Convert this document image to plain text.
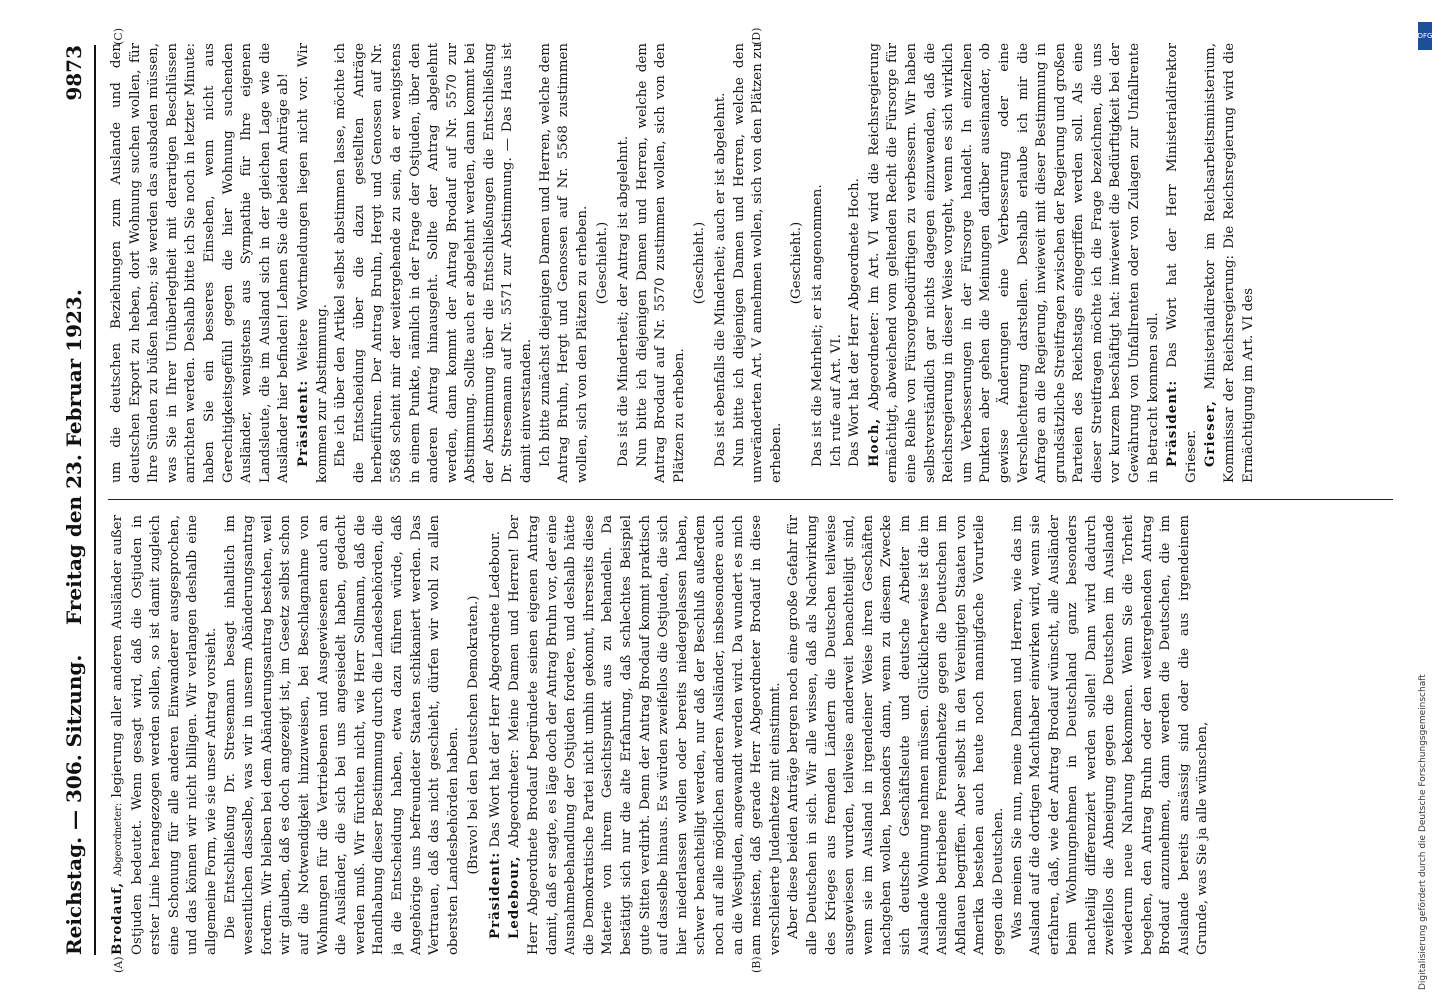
Reichstag. — 306. Sitzung.
Freitag den 23. Februar 1923.
9873
(A)	(B)
(C)	(D)

Brodauf, Abgeordneter: legierung aller anderen Ausländer außer Ostjuden bedeutet. Wenn gesagt wird, daß die Ostjuden in erster Linie herangezogen werden sollen, so ist damit zugleich eine Schonung für alle anderen Einwanderer ausgesprochen, und das können wir nicht billigen. Wir verlangen deshalb eine allgemeine Form, wie sie unser Antrag vorsieht. Die Entschließung Dr. Stresemann besagt inhaltlich im wesentlichen dasselbe, was wir in unserm Abänderungsantrag fordern. Wir bleiben bei dem Abänderungsantrag bestehen, weil wir glauben, daß es doch angezeigt ist, im Gesetz selbst schon auf die Notwendigkeit hinzuweisen, bei Beschlagnahme von Wohnungen für die Vertriebenen und Ausgewiesenen auch an die Ausländer, die sich bei uns angesiedelt haben, gedacht werden muß. Wir fürchten nicht, wie Herr Sollmann, daß die Handhabung dieser Bestimmung durch die Landesbehörden, die ja die Entscheidung haben, etwa dazu führen würde, daß Angehörige uns befreundeter Staaten schikaniert werden. Das Vertrauen, daß das nicht geschieht, dürfen wir wohl zu allen obersten Landesbehörden haben. (Bravo! bei den Deutschen Demokraten.)

Präsident: Das Wort hat der Herr Abgeordnete Ledebour.

Ledebour, Abgeordneter: Meine Damen und Herren! Der Herr Abgeordnete Brodauf begründete seinen eigenen Antrag damit, daß er sagte, es läge doch der Antrag Bruhn vor, der eine Ausnahmebehandlung der Ostjuden fordere, und deshalb hätte die Demokratische Partei nicht umhin gekonnt, ihrerseits diese Materie von ihrem Gesichtspunkt aus zu behandeln. Da bestätigt sich nur die alte Erfahrung, daß schlechtes Beispiel gute Sitten verdirbt. Denn der Antrag Brodauf kommt praktisch auf dasselbe hinaus. Es würden zweifellos die Ostjuden, die sich hier niederlassen wollen oder bereits niedergelassen haben, schwer benachteiligt werden, nur daß der Beschluß außerdem noch auf alle möglichen anderen Ausländer, insbesondere auch an die Westjuden, angewandt werden wird. Da wundert es mich am meisten, daß gerade Herr Abgeordneter Brodauf in diese verschleierte Judenhetze mit einstimmt. Aber diese beiden Anträge bergen noch eine große Gefahr für alle Deutschen in sich. Wir alle wissen, daß als Nachwirkung des Krieges aus fremden Ländern die Deutschen teilweise ausgewiesen wurden, teilweise anderweit benachteiligt sind, wenn sie im Ausland in irgendeiner Weise ihren Geschäften nachgehen wollen, besonders dann, wenn zu diesem Zwecke sich deutsche Geschäftsleute und deutsche Arbeiter im Auslande Wohnung nehmen müssen. Glücklicherweise ist die im Auslande betriebene Fremdenhetze gegen die Deutschen im Abflauen begriffen. Aber selbst in den Vereinigten Staaten von Amerika bestehen auch heute noch mannigfache Vorurteile gegen die Deutschen. Was meinen Sie nun, meine Damen und Herren, wie das im Ausland auf die dortigen Machthaber einwirken wird, wenn sie erfahren, daß, wie der Antrag Brodauf wünscht, alle Ausländer beim Wohnungnehmen in Deutschland ganz besonders nachteilig differenziert werden sollen! Dann wird dadurch zweifellos die Abneigung gegen die Deutschen im Auslande wiederum neue Nahrung bekommen. Wenn Sie die Torheit begehen, den Antrag Bruhn oder den weitergehenden Antrag Brodauf anzunehmen, dann werden die Deutschen, die im Auslande bereits ansässig sind oder die aus irgendeinem Grunde, was Sie ja alle wünschen,

um die deutschen Beziehungen zum Auslande und den deutschen Export zu heben, dort Wohnung suchen wollen, für Ihre Sünden zu büßen haben; sie werden das ausbaden müssen, was Sie in Ihrer Unüberlegtheit mit derartigen Beschlüssen anrichten werden. Deshalb bitte ich Sie noch in letzter Minute: haben Sie ein besseres Einsehen, wenn nicht aus Gerechtigkeitsgefühl gegen die hier Wohnung suchenden Ausländer, wenigstens aus Sympathie für Ihre eigenen Landsleute, die im Ausland sich in der gleichen Lage wie die Ausländer hier befinden! Lehnen Sie die beiden Anträge ab! Präsident: Weitere Wortmeldungen liegen nicht vor. Wir kommen zur Abstimmung. Ehe ich über den Artikel selbst abstimmen lasse, möchte ich die Entscheidung über die dazu gestellten Anträge herbeiführen. Der Antrag Bruhn, Hergt und Genossen auf Nr. 5568 scheint mir der weitergehende zu sein, da er wenigstens in einem Punkte, nämlich in der Frage der Ostjuden, über den anderen Antrag hinausgeht. Sollte der Antrag abgelehnt werden, dann kommt der Antrag Brodauf auf Nr. 5570 zur Abstimmung. Sollte auch er abgelehnt werden, dann kommt bei der Abstimmung über die Entschließungen die Entschließung Dr. Stresemann auf Nr. 5571 zur Abstimmung. — Das Haus ist damit einverstanden. Ich bitte zunächst diejenigen Damen und Herren, welche dem Antrag Bruhn, Hergt und Genossen auf Nr. 5568 zustimmen wollen, sich von den Plätzen zu erheben. (Geschieht.) Das ist die Minderheit; der Antrag ist abgelehnt. Nun bitte ich diejenigen Damen und Herren, welche dem Antrag Brodauf auf Nr. 5570 zustimmen wollen, sich von den Plätzen zu erheben.

(Geschieht.) Das ist ebenfalls die Minderheit; auch er ist abgelehnt. Nun bitte ich diejenigen Damen und Herren, welche den unveränderten Art. V annehmen wollen, sich von den Plätzen zu erheben.

(Geschieht.) Das ist die Mehrheit; er ist angenommen. Ich rufe auf Art. VI. Das Wort hat der Herr Abgeordnete Hoch. Hoch, Abgeordneter: Im Art. VI wird die Reichsregierung ermächtigt, abweichend vom geltenden Recht die Fürsorge für eine Reihe von Fürsorgebedürftigen zu verbessern. Wir haben selbstverständlich gar nichts dagegen einzuwenden, daß die Reichsregierung in dieser Weise vorgeht, wenn es sich wirklich um Verbesserungen in der Fürsorge handelt. In einzelnen Punkten aber gehen die Meinungen darüber auseinander, ob gewisse Änderungen eine Verbesserung oder eine Verschlechterung darstellen. Deshalb erlaube ich mir die Anfrage an die Regierung, inwieweit mit dieser Bestimmung in grundsätzliche Streitfragen zwischen der Regierung und großen Parteien des Reichstags eingegriffen werden soll. Als eine dieser Streitfragen möchte ich die Frage bezeichnen, die uns vor kurzem beschäftigt hat: inwieweit die Bedürftigkeit bei der Gewährung von Unfallrenten oder von Zulagen zur Unfallrente in Betracht kommen soll. Präsident: Das Wort hat der Herr Ministerialdirektor Grieser. Grieser, Ministerialdirektor im Reichsarbeitsministerium, Kommissar der Reichsregierung: Die Reichsregierung wird die Ermächtigung im Art. VI des

DFG
Digitalisierung gefördert durch die Deutsche Forschungsgemeinschaft
